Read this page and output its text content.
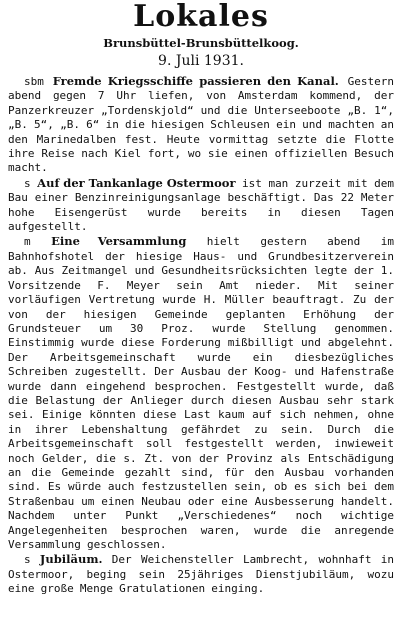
Lokales
Brunsbüttel-Brunsbüttelkoog.
9. Juli 1931.

sbm Fremde Kriegsschiffe passieren den Kanal. Gestern abend gegen 7 Uhr liefen, von Amsterdam kommend, der Panzerkreuzer „Tordenskjold“ und die Unterseeboote „B. 1“, „B. 5“, „B. 6“ in die hiesigen Schleusen ein und machten an den Marinedalben fest. Heute vormittag setzte die Flotte ihre Reise nach Kiel fort, wo sie einen offiziellen Besuch macht.

s Auf der Tankanlage Ostermoor ist man zurzeit mit dem Bau einer Benzinreinigungsanlage beschäftigt. Das 22 Meter hohe Eisengerüst wurde bereits in diesen Tagen aufgestellt.

m Eine Versammlung hielt gestern abend im Bahnhofshotel der hiesige Haus- und Grundbesitzerverein ab. Aus Zeitmangel und Gesundheitsrücksichten legte der 1. Vorsitzende F. Meyer sein Amt nieder. Mit seiner vorläufigen Vertretung wurde H. Müller beauftragt. Zu der von der hiesigen Gemeinde geplanten Erhöhung der Grundsteuer um 30 Proz. wurde Stellung genommen. Einstimmig wurde diese Forderung mißbilligt und abgelehnt. Der Arbeitsgemeinschaft wurde ein diesbezügliches Schreiben zugestellt. Der Ausbau der Koog- und Hafenstraße wurde dann eingehend besprochen. Festgestellt wurde, daß die Belastung der Anlieger durch diesen Ausbau sehr stark sei. Einige könnten diese Last kaum auf sich nehmen, ohne in ihrer Lebenshaltung gefährdet zu sein. Durch die Arbeitsgemeinschaft soll festgestellt werden, inwieweit noch Gelder, die s. Zt. von der Provinz als Entschädigung an die Gemeinde gezahlt sind, für den Ausbau vorhanden sind. Es würde auch festzustellen sein, ob es sich bei dem Straßenbau um einen Neubau oder eine Ausbesserung handelt. Nachdem unter Punkt „Verschiedenes“ noch wichtige Angelegenheiten besprochen waren, wurde die anregende Versammlung geschlossen.

s Jubiläum. Der Weichensteller Lambrecht, wohnhaft in Ostermoor, beging sein 25jähriges Dienstjubiläum, wozu eine große Menge Gratulationen einging.
